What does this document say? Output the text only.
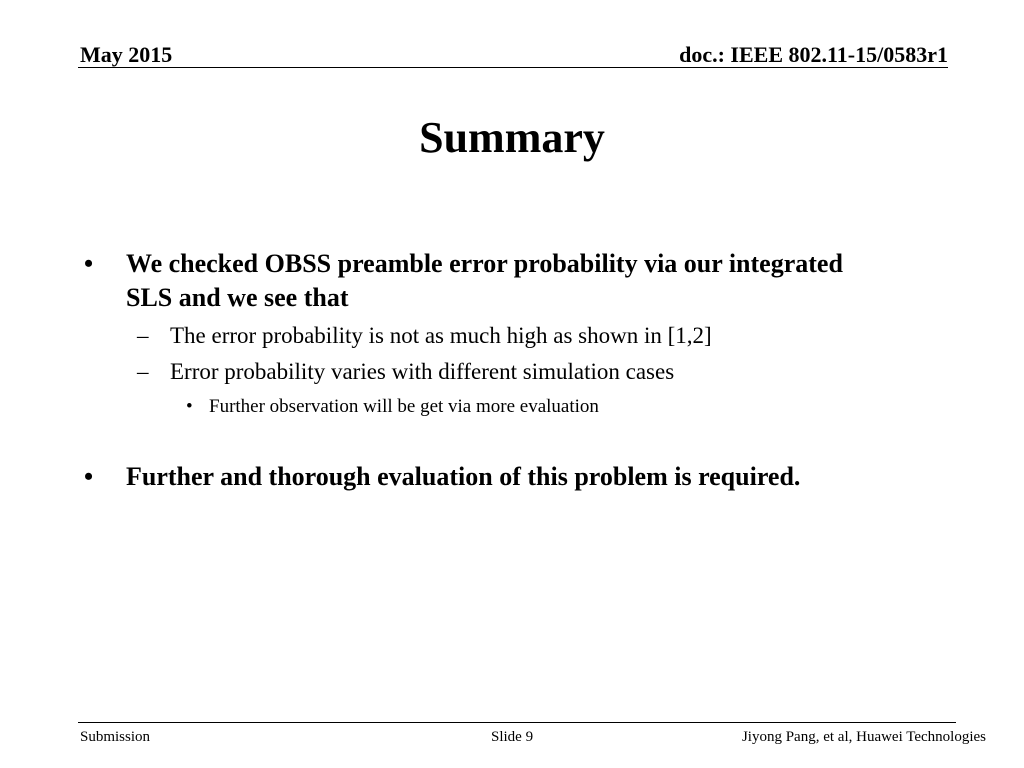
May 2015	doc.: IEEE 802.11-15/0583r1
Summary
• We checked OBSS preamble error probability via our integrated
SLS and we see that
– The error probability is not as much high as shown in [1,2]
– Error probability varies with different simulation cases
• Further observation will be get via more evaluation
• Further and thorough evaluation of this problem is required.
Submission	Slide 9	Jiyong Pang, et al, Huawei Technologies
